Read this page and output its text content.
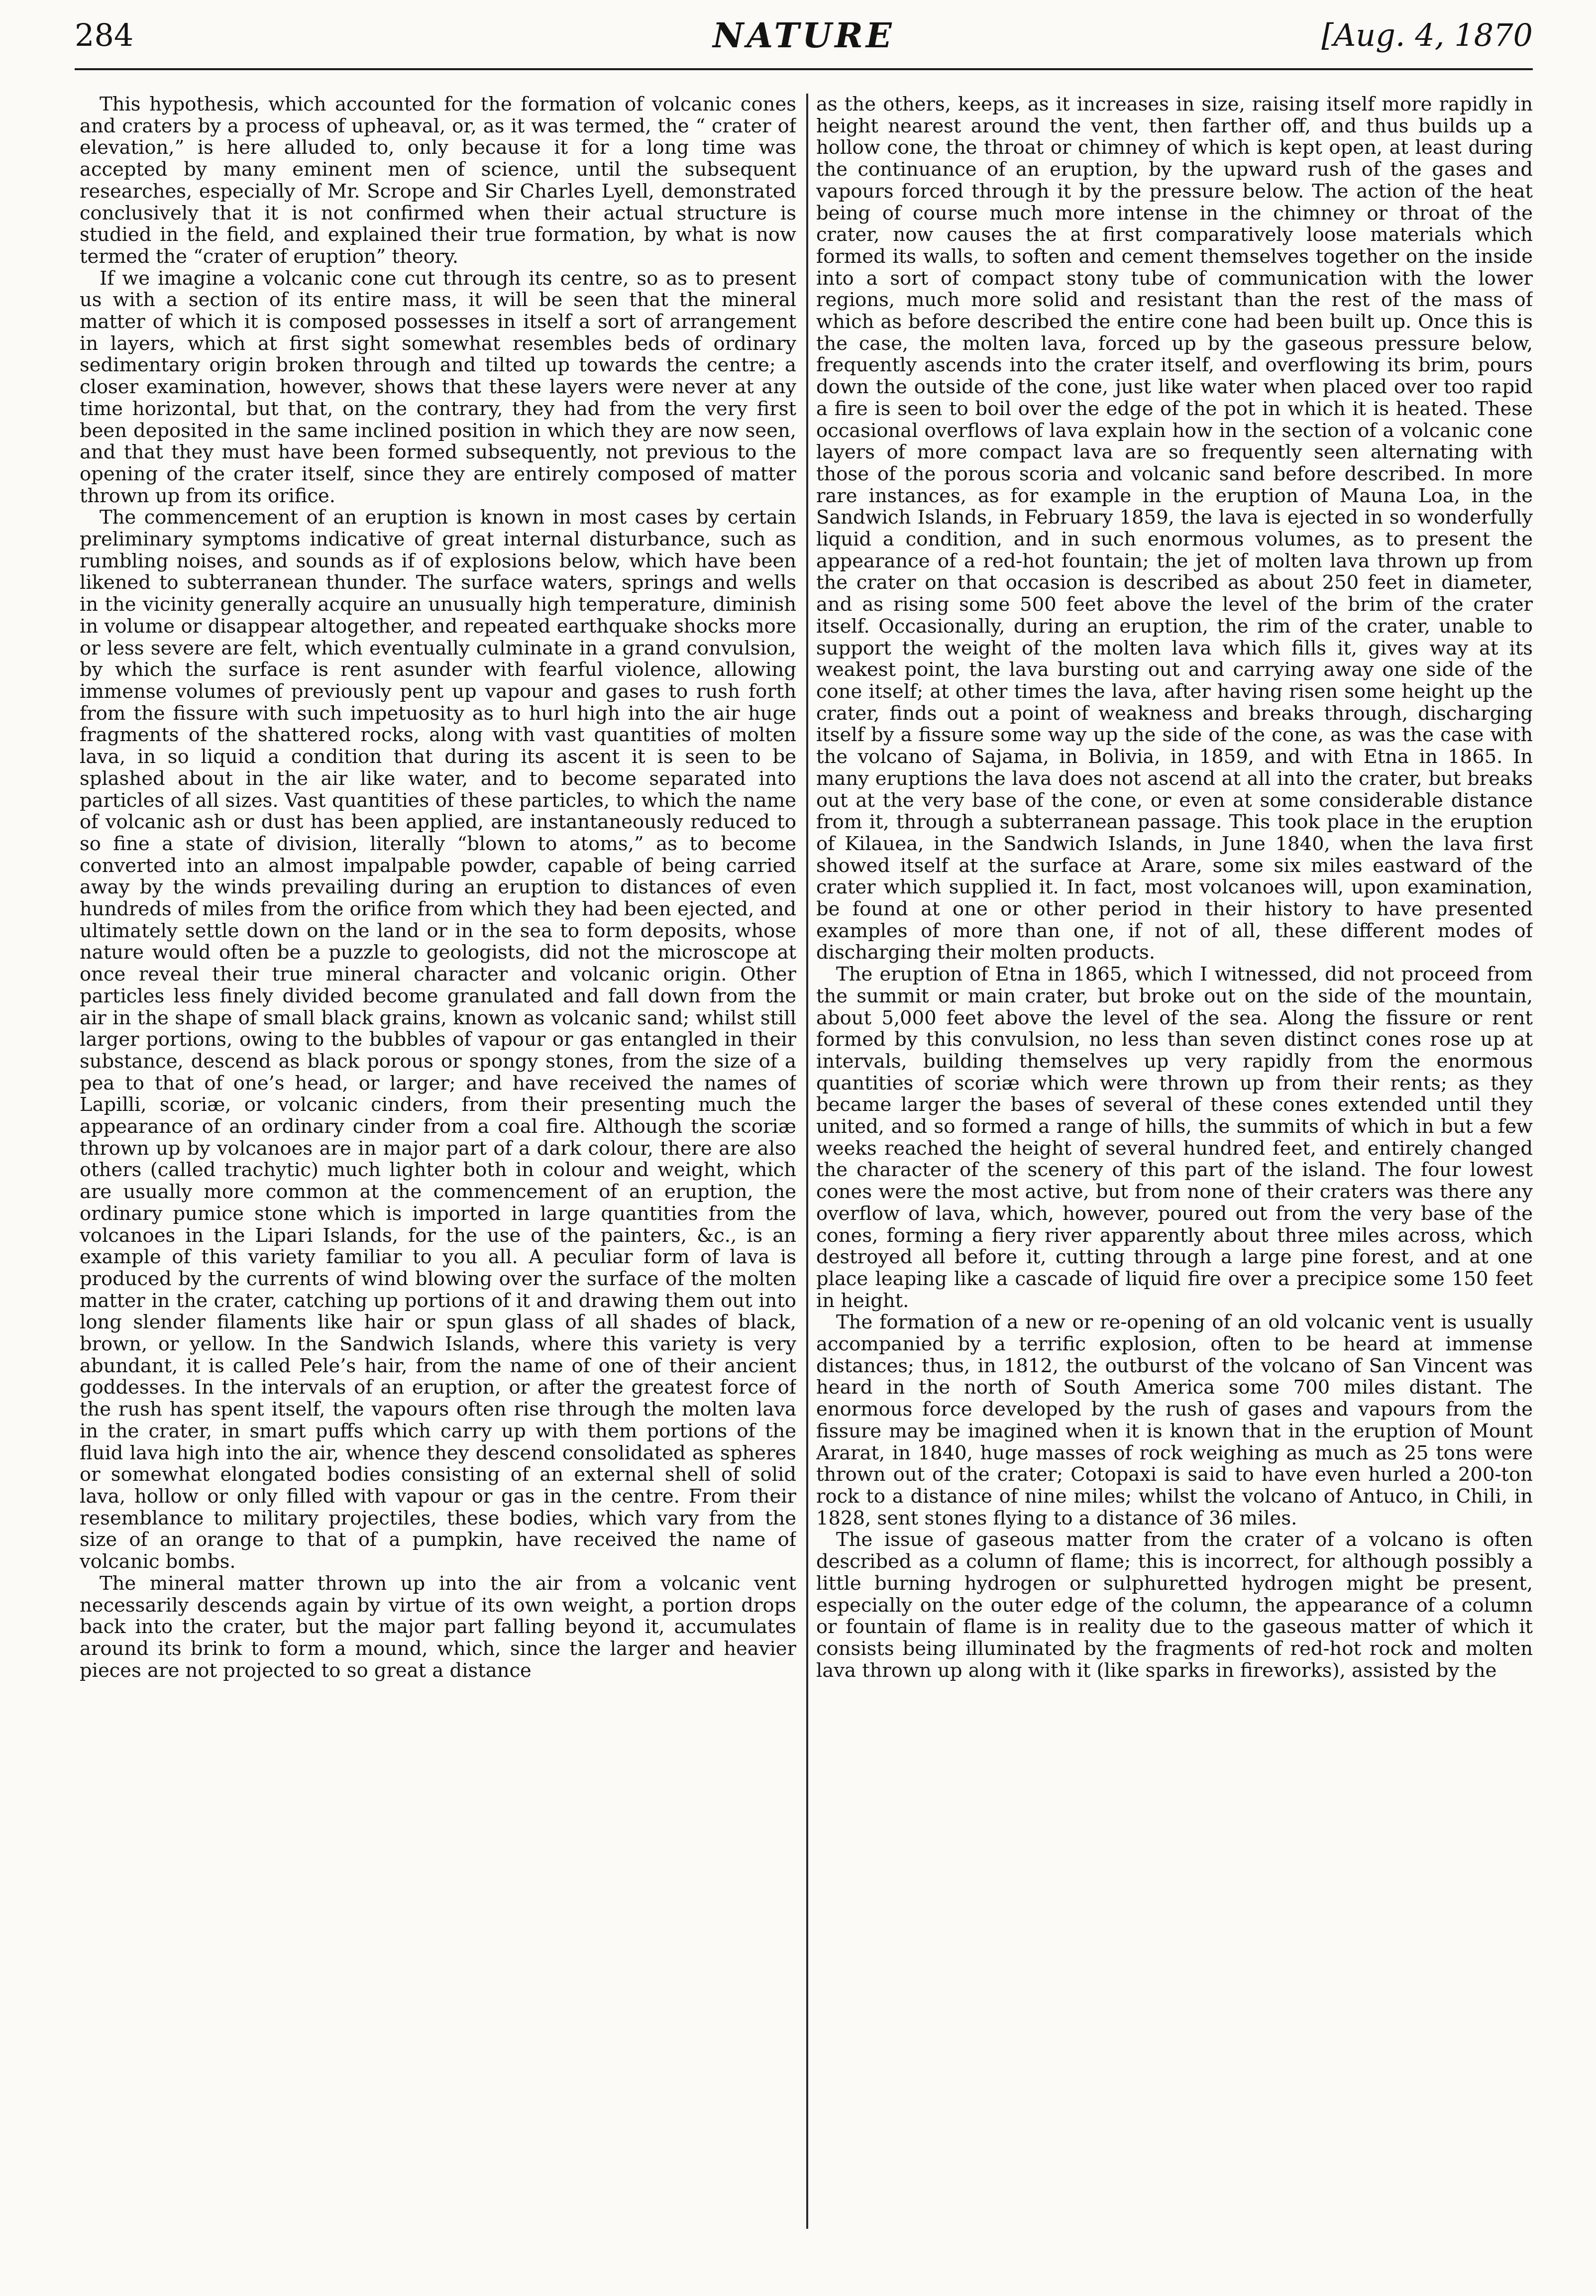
284	NATURE	[Aug. 4, 1870

This hypothesis, which accounted for the formation of volcanic cones and craters by a process of upheaval, or, as it was termed, the “ crater of elevation,” is here alluded to, only because it for a long time was accepted by many eminent men of science, until the subsequent researches, especially of Mr. Scrope and Sir Charles Lyell, demonstrated conclusively that it is not confirmed when their actual structure is studied in the field, and explained their true formation, by what is now termed the “crater of eruption” theory.

If we imagine a volcanic cone cut through its centre, so as to present us with a section of its entire mass, it will be seen that the mineral matter of which it is composed possesses in itself a sort of arrangement in layers, which at first sight somewhat resembles beds of ordinary sedimentary origin broken through and tilted up towards the centre; a closer examination, however, shows that these layers were never at any time horizontal, but that, on the contrary, they had from the very first been deposited in the same inclined position in which they are now seen, and that they must have been formed subsequently, not previous to the opening of the crater itself, since they are entirely composed of matter thrown up from its orifice.

The commencement of an eruption is known in most cases by certain preliminary symptoms indicative of great internal disturbance, such as rumbling noises, and sounds as if of explosions below, which have been likened to subterranean thunder. The surface waters, springs and wells in the vicinity generally acquire an unusually high temperature, diminish in volume or disappear altogether, and repeated earthquake shocks more or less severe are felt, which eventually culminate in a grand convulsion, by which the surface is rent asunder with fearful violence, allowing immense volumes of previously pent up vapour and gases to rush forth from the fissure with such impetuosity as to hurl high into the air huge fragments of the shattered rocks, along with vast quantities of molten lava, in so liquid a condition that during its ascent it is seen to be splashed about in the air like water, and to become separated into particles of all sizes. Vast quantities of these particles, to which the name of volcanic ash or dust has been applied, are instantaneously reduced to so fine a state of division, literally “blown to atoms,” as to become converted into an almost impalpable powder, capable of being carried away by the winds prevailing during an eruption to distances of even hundreds of miles from the orifice from which they had been ejected, and ultimately settle down on the land or in the sea to form deposits, whose nature would often be a puzzle to geologists, did not the microscope at once reveal their true mineral character and volcanic origin. Other particles less finely divided become granulated and fall down from the air in the shape of small black grains, known as volcanic sand; whilst still larger portions, owing to the bubbles of vapour or gas entangled in their substance, descend as black porous or spongy stones, from the size of a pea to that of one’s head, or larger; and have received the names of Lapilli, scoriæ, or volcanic cinders, from their presenting much the appearance of an ordinary cinder from a coal fire. Although the scoriæ thrown up by volcanoes are in major part of a dark colour, there are also others (called trachytic) much lighter both in colour and weight, which are usually more common at the commencement of an eruption, the ordinary pumice stone which is imported in large quantities from the volcanoes in the Lipari Islands, for the use of the painters, &c., is an example of this variety familiar to you all. A peculiar form of lava is produced by the currents of wind blowing over the surface of the molten matter in the crater, catching up portions of it and drawing them out into long slender filaments like hair or spun glass of all shades of black, brown, or yellow. In the Sandwich Islands, where this variety is very abundant, it is called Pele’s hair, from the name of one of their ancient goddesses. In the intervals of an eruption, or after the greatest force of the rush has spent itself, the vapours often rise through the molten lava in the crater, in smart puffs which carry up with them portions of the fluid lava high into the air, whence they descend consolidated as spheres or somewhat elongated bodies consisting of an external shell of solid lava, hollow or only filled with vapour or gas in the centre. From their resemblance to military projectiles, these bodies, which vary from the size of an orange to that of a pumpkin, have received the name of volcanic bombs.

The mineral matter thrown up into the air from a volcanic vent necessarily descends again by virtue of its own weight, a portion drops back into the crater, but the major part falling beyond it, accumulates around its brink to form a mound, which, since the larger and heavier pieces are not projected to so great a distance

as the others, keeps, as it increases in size, raising itself more rapidly in height nearest around the vent, then farther off, and thus builds up a hollow cone, the throat or chimney of which is kept open, at least during the continuance of an eruption, by the upward rush of the gases and vapours forced through it by the pressure below. The action of the heat being of course much more intense in the chimney or throat of the crater, now causes the at first comparatively loose materials which formed its walls, to soften and cement themselves together on the inside into a sort of compact stony tube of communication with the lower regions, much more solid and resistant than the rest of the mass of which as before described the entire cone had been built up. Once this is the case, the molten lava, forced up by the gaseous pressure below, frequently ascends into the crater itself, and overflowing its brim, pours down the outside of the cone, just like water when placed over too rapid a fire is seen to boil over the edge of the pot in which it is heated. These occasional overflows of lava explain how in the section of a volcanic cone layers of more compact lava are so frequently seen alternating with those of the porous scoria and volcanic sand before described. In more rare instances, as for example in the eruption of Mauna Loa, in the Sandwich Islands, in February 1859, the lava is ejected in so wonderfully liquid a condition, and in such enormous volumes, as to present the appearance of a red-hot fountain; the jet of molten lava thrown up from the crater on that occasion is described as about 250 feet in diameter, and as rising some 500 feet above the level of the brim of the crater itself. Occasionally, during an eruption, the rim of the crater, unable to support the weight of the molten lava which fills it, gives way at its weakest point, the lava bursting out and carrying away one side of the cone itself; at other times the lava, after having risen some height up the crater, finds out a point of weakness and breaks through, discharging itself by a fissure some way up the side of the cone, as was the case with the volcano of Sajama, in Bolivia, in 1859, and with Etna in 1865. In many eruptions the lava does not ascend at all into the crater, but breaks out at the very base of the cone, or even at some considerable distance from it, through a subterranean passage. This took place in the eruption of Kilauea, in the Sandwich Islands, in June 1840, when the lava first showed itself at the surface at Arare, some six miles eastward of the crater which supplied it. In fact, most volcanoes will, upon examination, be found at one or other period in their history to have presented examples of more than one, if not of all, these different modes of discharging their molten products.

The eruption of Etna in 1865, which I witnessed, did not proceed from the summit or main crater, but broke out on the side of the mountain, about 5,000 feet above the level of the sea. Along the fissure or rent formed by this convulsion, no less than seven distinct cones rose up at intervals, building themselves up very rapidly from the enormous quantities of scoriæ which were thrown up from their rents; as they became larger the bases of several of these cones extended until they united, and so formed a range of hills, the summits of which in but a few weeks reached the height of several hundred feet, and entirely changed the character of the scenery of this part of the island. The four lowest cones were the most active, but from none of their craters was there any overflow of lava, which, however, poured out from the very base of the cones, forming a fiery river apparently about three miles across, which destroyed all before it, cutting through a large pine forest, and at one place leaping like a cascade of liquid fire over a precipice some 150 feet in height.

The formation of a new or re-opening of an old volcanic vent is usually accompanied by a terrific explosion, often to be heard at immense distances; thus, in 1812, the outburst of the volcano of San Vincent was heard in the north of South America some 700 miles distant. The enormous force developed by the rush of gases and vapours from the fissure may be imagined when it is known that in the eruption of Mount Ararat, in 1840, huge masses of rock weighing as much as 25 tons were thrown out of the crater; Cotopaxi is said to have even hurled a 200-ton rock to a distance of nine miles; whilst the volcano of Antuco, in Chili, in 1828, sent stones flying to a distance of 36 miles.

The issue of gaseous matter from the crater of a volcano is often described as a column of flame; this is incorrect, for although possibly a little burning hydrogen or sulphuretted hydrogen might be present, especially on the outer edge of the column, the appearance of a column or fountain of flame is in reality due to the gaseous matter of which it consists being illuminated by the fragments of red-hot rock and molten lava thrown up along with it (like sparks in fireworks), assisted by the
